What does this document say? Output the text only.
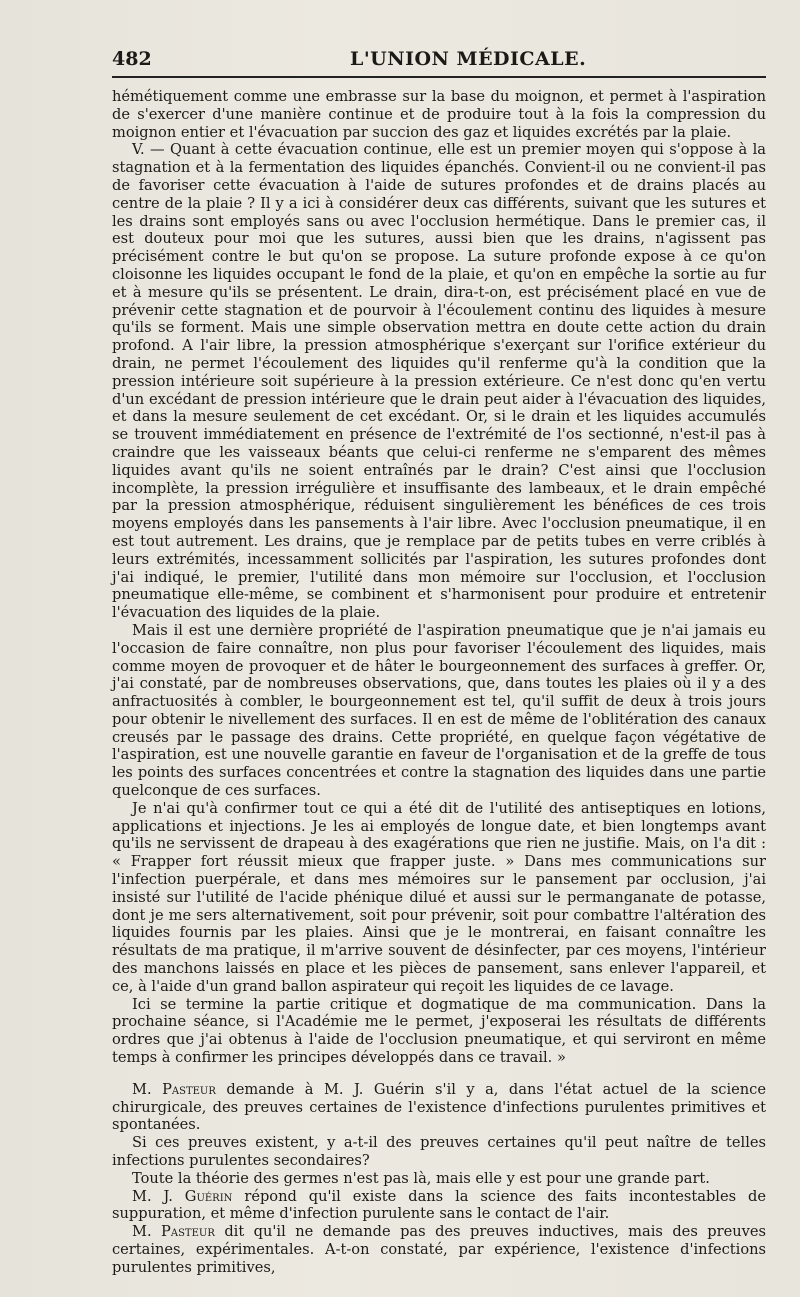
482	L'UNION MÉDICALE.

hémétiquement comme une embrasse sur la base du moignon, et permet à l'aspiration de s'exercer d'une manière continue et de produire tout à la fois la compression du moignon entier et l'évacuation par succion des gaz et liquides excrétés par la plaie.

V. — Quant à cette évacuation continue, elle est un premier moyen qui s'oppose à la stagnation et à la fermentation des liquides épanchés. Convient-il ou ne convient-il pas de favoriser cette évacuation à l'aide de sutures profondes et de drains placés au centre de la plaie ? Il y a ici à considérer deux cas différents, suivant que les sutures et les drains sont employés sans ou avec l'occlusion hermétique. Dans le premier cas, il est douteux pour moi que les sutures, aussi bien que les drains, n'agissent pas précisément contre le but qu'on se propose. La suture profonde expose à ce qu'on cloisonne les liquides occupant le fond de la plaie, et qu'on en empêche la sortie au fur et à mesure qu'ils se présentent. Le drain, dira-t-on, est précisément placé en vue de prévenir cette stagnation et de pourvoir à l'écoulement continu des liquides à mesure qu'ils se forment. Mais une simple observation mettra en doute cette action du drain profond. A l'air libre, la pression atmosphérique s'exerçant sur l'orifice extérieur du drain, ne permet l'écoulement des liquides qu'il renferme qu'à la condition que la pression intérieure soit supérieure à la pression extérieure. Ce n'est donc qu'en vertu d'un excédant de pression intérieure que le drain peut aider à l'évacuation des liquides, et dans la mesure seulement de cet excédant. Or, si le drain et les liquides accumulés se trouvent immédiatement en présence de l'extrémité de l'os sectionné, n'est-il pas à craindre que les vaisseaux béants que celui-ci renferme ne s'emparent des mêmes liquides avant qu'ils ne soient entraînés par le drain? C'est ainsi que l'occlusion incomplète, la pression irrégulière et insuffisante des lambeaux, et le drain empêché par la pression atmosphérique, réduisent singulièrement les bénéfices de ces trois moyens employés dans les pansements à l'air libre. Avec l'occlusion pneumatique, il en est tout autrement. Les drains, que je remplace par de petits tubes en verre criblés à leurs extrémités, incessamment sollicités par l'aspiration, les sutures profondes dont j'ai indiqué, le premier, l'utilité dans mon mémoire sur l'occlusion, et l'occlusion pneumatique elle-même, se combinent et s'harmonisent pour produire et entretenir l'évacuation des liquides de la plaie.

Mais il est une dernière propriété de l'aspiration pneumatique que je n'ai jamais eu l'occasion de faire connaître, non plus pour favoriser l'écoulement des liquides, mais comme moyen de provoquer et de hâter le bourgeonnement des surfaces à greffer. Or, j'ai constaté, par de nombreuses observations, que, dans toutes les plaies où il y a des anfractuosités à combler, le bourgeonnement est tel, qu'il suffit de deux à trois jours pour obtenir le nivellement des surfaces. Il en est de même de l'oblitération des canaux creusés par le passage des drains. Cette propriété, en quelque façon végétative de l'aspiration, est une nouvelle garantie en faveur de l'organisation et de la greffe de tous les points des surfaces concentrées et contre la stagnation des liquides dans une partie quelconque de ces surfaces.

Je n'ai qu'à confirmer tout ce qui a été dit de l'utilité des antiseptiques en lotions, applications et injections. Je les ai employés de longue date, et bien longtemps avant qu'ils ne servissent de drapeau à des exagérations que rien ne justifie. Mais, on l'a dit : « Frapper fort réussit mieux que frapper juste. » Dans mes communications sur l'infection puerpérale, et dans mes mémoires sur le pansement par occlusion, j'ai insisté sur l'utilité de l'acide phénique dilué et aussi sur le permanganate de potasse, dont je me sers alternativement, soit pour prévenir, soit pour combattre l'altération des liquides fournis par les plaies. Ainsi que je le montrerai, en faisant connaître les résultats de ma pratique, il m'arrive souvent de désinfecter, par ces moyens, l'intérieur des manchons laissés en place et les pièces de pansement, sans enlever l'appareil, et ce, à l'aide d'un grand ballon aspirateur qui reçoit les liquides de ce lavage.

Ici se termine la partie critique et dogmatique de ma communication. Dans la prochaine séance, si l'Académie me le permet, j'exposerai les résultats de différents ordres que j'ai obtenus à l'aide de l'occlusion pneumatique, et qui serviront en même temps à confirmer les principes développés dans ce travail. »

M. Pasteur demande à M. J. Guérin s'il y a, dans l'état actuel de la science chirurgicale, des preuves certaines de l'existence d'infections purulentes primitives et spontanées.

Si ces preuves existent, y a-t-il des preuves certaines qu'il peut naître de telles infections purulentes secondaires?

Toute la théorie des germes n'est pas là, mais elle y est pour une grande part.

M. J. Guérin répond qu'il existe dans la science des faits incontestables de suppuration, et même d'infection purulente sans le contact de l'air.

M. Pasteur dit qu'il ne demande pas des preuves inductives, mais des preuves certaines, expérimentales. A-t-on constaté, par expérience, l'existence d'infections purulentes primitives,
